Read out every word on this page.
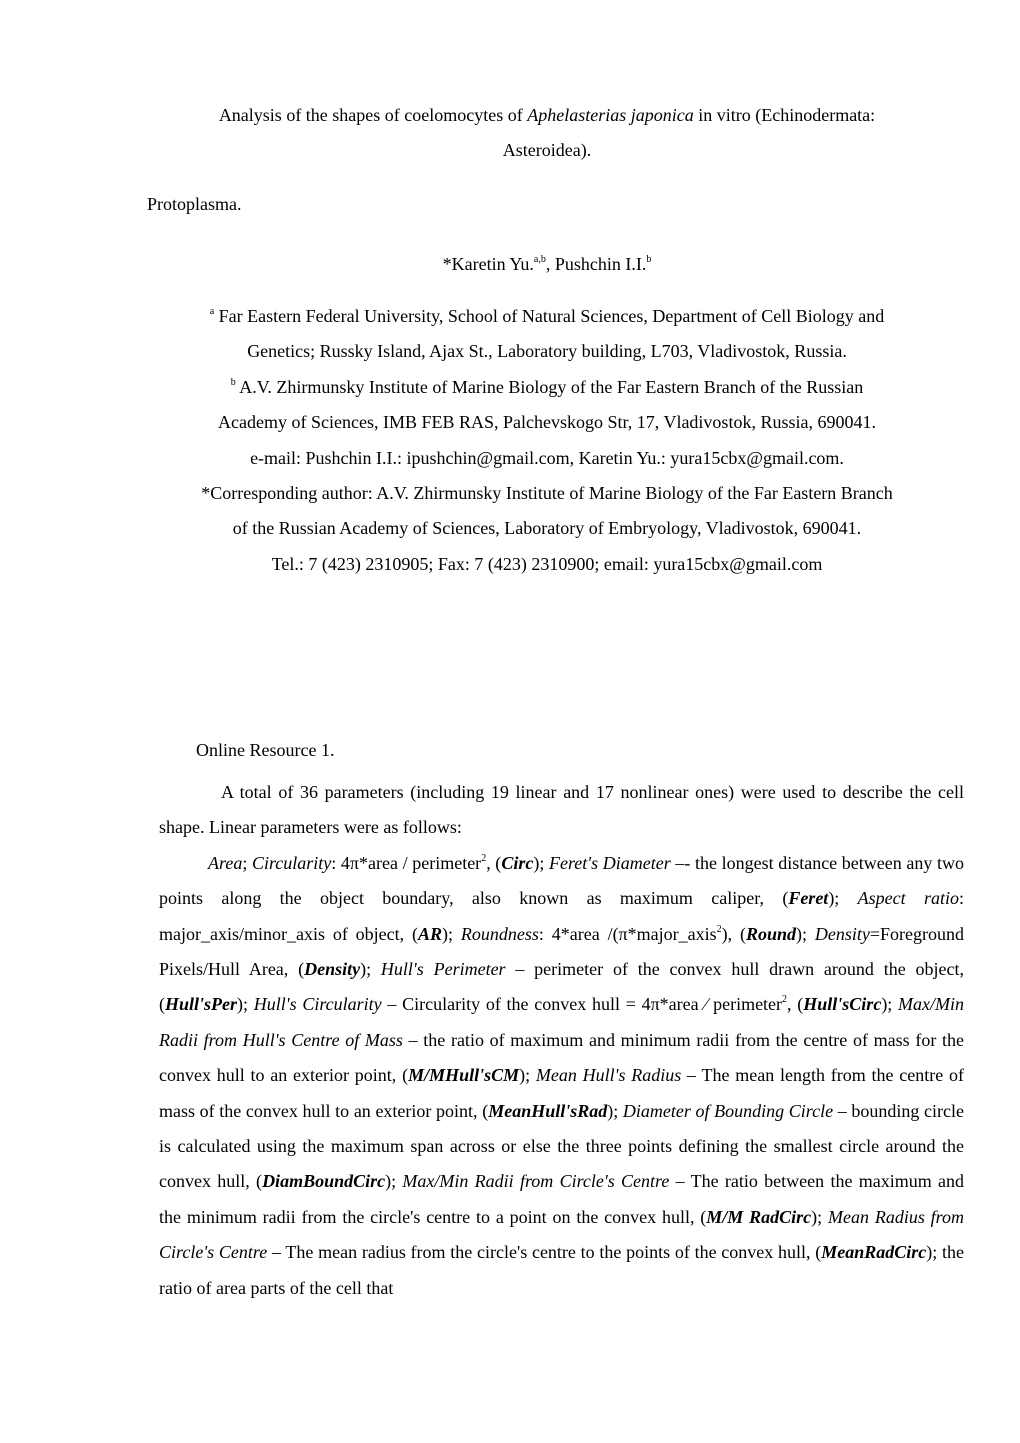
Analysis of the shapes of coelomocytes of Aphelasterias japonica in vitro (Echinodermata:
Asteroidea).
Protoplasma.
*Karetin Yu.$^{a,b}$, Pushchin I.I.$^b$
$^a$ Far Eastern Federal University, School of Natural Sciences, Department of Cell Biology and
Genetics; Russky Island, Ajax St., Laboratory building, L703, Vladivostok, Russia.
$^b$ A.V. Zhirmunsky Institute of Marine Biology of the Far Eastern Branch of the Russian
Academy of Sciences, IMB FEB RAS, Palchevskogo Str, 17, Vladivostok, Russia, 690041.
e-mail: Pushchin I.I.: ipushchin@gmail.com, Karetin Yu.: yura15cbx@gmail.com.
*Corresponding author: A.V. Zhirmunsky Institute of Marine Biology of the Far Eastern Branch
of the Russian Academy of Sciences, Laboratory of Embryology, Vladivostok, 690041.
Tel.: 7 (423) 2310905; Fax: 7 (423) 2310900; email: yura15cbx@gmail.com
Online Resource 1.

A total of 36 parameters (including 19 linear and 17 nonlinear ones) were used to describe the cell shape. Linear parameters were as follows:

Area; Circularity: 4π*area / perimeter$^2$, (Circ); Feret's Diameter –- the longest distance between any two points along the object boundary, also known as maximum caliper, (Feret); Aspect ratio: major_axis/minor_axis of object, (AR); Roundness: 4*area /(π*major_axis$^2$), (Round); Density=Foreground Pixels/Hull Area, (Density); Hull's Perimeter – perimeter of the convex hull drawn around the object, (Hull'sPer); Hull's Circularity – Circularity of the convex hull = 4π*area ⁄ perimeter$^2$, (Hull'sCirc); Max/Min Radii from Hull's Centre of Mass – the ratio of maximum and minimum radii from the centre of mass for the convex hull to an exterior point, (M/MHull'sCM); Mean Hull's Radius – The mean length from the centre of mass of the convex hull to an exterior point, (MeanHull'sRad); Diameter of Bounding Circle – bounding circle is calculated using the maximum span across or else the three points defining the smallest circle around the convex hull, (DiamBoundCirc); Max/Min Radii from Circle's Centre – The ratio between the maximum and the minimum radii from the circle's centre to a point on the convex hull, (M/M RadCirc); Mean Radius from Circle's Centre – The mean radius from the circle's centre to the points of the convex hull, (MeanRadCirc); the ratio of area parts of the cell that
